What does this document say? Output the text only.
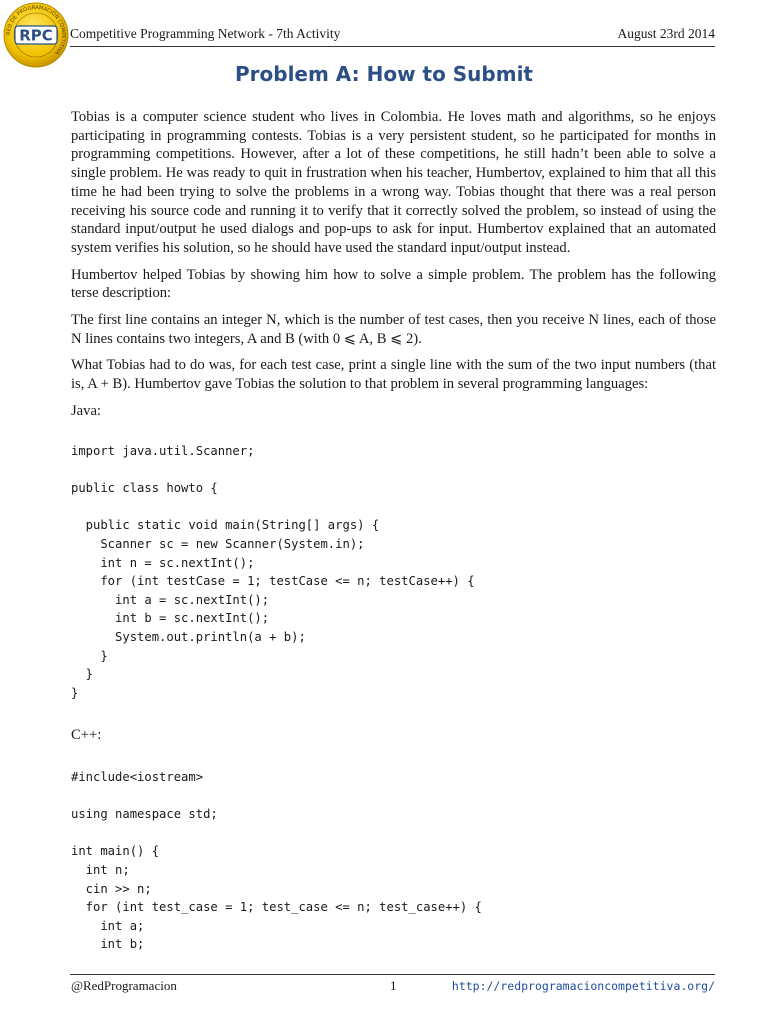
RED DE PROGRAMACIÓN COMPETITIVA
RPC Competitive Programming Network - 7th Activity	August 23rd 2014
Problem A: How to Submit

Tobias is a computer science student who lives in Colombia. He loves math and algorithms, so he enjoys participating in programming contests. Tobias is a very persistent student, so he participated for months in programming competitions. However, after a lot of these competitions, he still hadn’t been able to solve a single problem. He was ready to quit in frustration when his teacher, Humbertov, explained to him that all this time he had been trying to solve the problems in a wrong way. Tobias thought that there was a real person receiving his source code and running it to verify that it correctly solved the problem, so instead of using the standard input/output he used dialogs and pop-ups to ask for input. Humbertov explained that an automated system verifies his solution, so he should have used the standard input/output instead.

Humbertov helped Tobias by showing him how to solve a simple problem. The problem has the following terse description:

The first line contains an integer N, which is the number of test cases, then you receive N lines, each of those N lines contains two integers, A and B (with 0 ⩽ A, B ⩽ 2).

What Tobias had to do was, for each test case, print a single line with the sum of the two input numbers (that is, A + B). Humbertov gave Tobias the solution to that problem in several programming languages:

Java:

import java.util.Scanner;

public class howto {

public static void main(String[] args) {
Scanner sc = new Scanner(System.in);
int n = sc.nextInt();
for (int testCase = 1; testCase <= n; testCase++) {
int a = sc.nextInt();
int b = sc.nextInt();
System.out.println(a + b);
}
}
}

C++:

#include<iostream>

using namespace std;

int main() {
int n;
cin >> n;
for (int test_case = 1; test_case <= n; test_case++) {
int a;
int b;
@RedProgramacion	1	http://redprogramacioncompetitiva.org/
